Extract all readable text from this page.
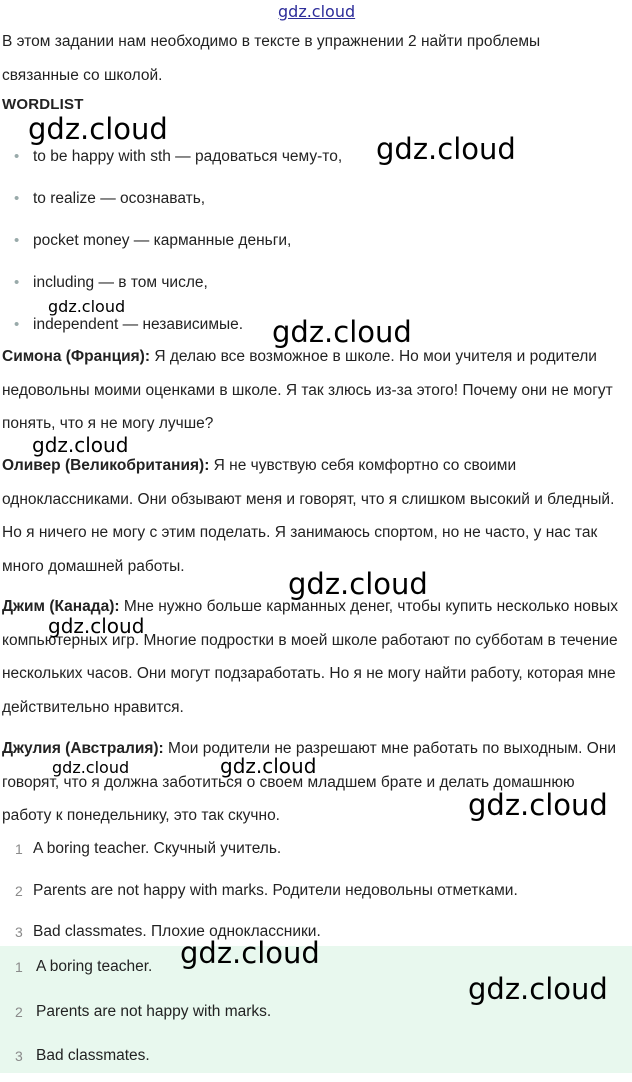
gdz.cloud
В этом задании нам необходимо в тексте в упражнении 2 найти проблемы связанные со школой.
WORDLIST
• to be happy with sth — радоваться чему-то,
• to realize — осознавать,
• pocket money — карманные деньги,
• including — в том числе,
• independent — независимые.
Симона (Франция): Я делаю все возможное в школе. Но мои учителя и родители недовольны моими оценками в школе. Я так злюсь из-за этого! Почему они не могут понять, что я не могу лучше?
Оливер (Великобритания): Я не чувствую себя комфортно со своими одноклассниками. Они обзывают меня и говорят, что я слишком высокий и бледный. Но я ничего не могу с этим поделать. Я занимаюсь спортом, но не часто, у нас так много домашней работы.
Джим (Канада): Мне нужно больше карманных денег, чтобы купить несколько новых компьютерных игр. Многие подростки в моей школе работают по субботам в течение нескольких часов. Они могут подзаработать. Но я не могу найти работу, которая мне действительно нравится.
Джулия (Австралия): Мои родители не разрешают мне работать по выходным. Они говорят, что я должна заботиться о своем младшем брате и делать домашнюю работу к понедельнику, это так скучно.
1 A boring teacher. Скучный учитель.
2 Parents are not happy with marks. Родители недовольны отметками.
3 Bad classmates. Плохие одноклассники.
1 A boring teacher.
2 Parents are not happy with marks.
3 Bad classmates.
gdz.cloud
gdz.cloud
gdz.cloud
gdz.cloud
gdz.cloud
gdz.cloud
gdz.cloud
gdz.cloud	gdz.cloud
gdz.cloud
gdz.cloud
gdz.cloud
